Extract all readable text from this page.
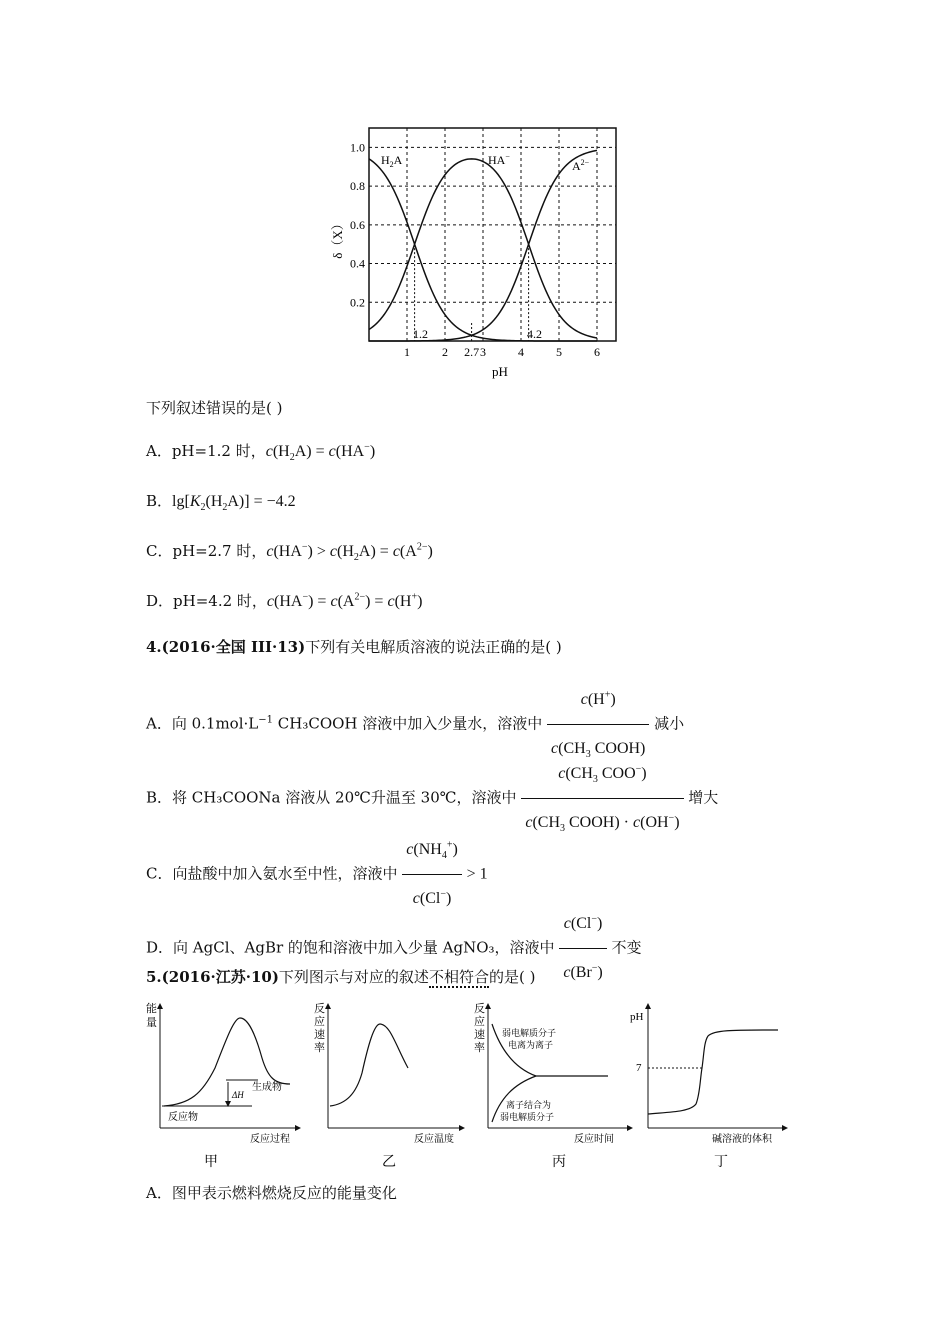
1	2 2.7 3	4	5	6
0.2
0.4
0.6
0.8
1.0
δ（X）
pH
$H_2A$	HA−
$A^{2-}$
1.2	4.2
下列叙述错误的是( )
A．pH=1.2 时，$c(H_2A) = c(HA^-)$
B．$\lg[K_2(H_2A)] = -4.2$
C．pH=2.7 时，$c(HA^-) > c(H_2A) = c(A^{2-})$
D．pH=4.2 时，$c(HA^-) = c(A^{2-}) = c(H^+)$
4.(2016·全国 III·13)下列有关电解质溶液的说法正确的是( )
A．向 $0.1mol\cdot L^{-1}$ CH₃COOH 溶液中加入少量水，溶液中 $\frac{c(H^+)}{c(CH_3 COOH)}$ 减小
B．将 CH₃COONa 溶液从 20℃升温至 30℃，溶液中 $\frac{c(CH_3 COO^-)}{c(CH_3 COOH) \cdot c(OH^-)}$ 增大
C．向盐酸中加入氨水至中性，溶液中 $\frac{c(NH_4^+)}{c(Cl^-)} > 1$
D．向 AgCl、AgBr 的饱和溶液中加入少量 AgNO₃，溶液中 $\frac{c(Cl^-)}{c(Br^-)}$ 不变
5.(2016·江苏·10)下列图示与对应的叙述不相符合的是( )
能
量
生成物
反应物
ΔH
反应过程
甲
反
应
速
率
反应温度
乙
反
应
速
率
弱电解质分子
电离为离子
离子结合为
弱电解质分子
反应时间
丙
pH
7
碱溶液的体积
丁
A．图甲表示燃料燃烧反应的能量变化
